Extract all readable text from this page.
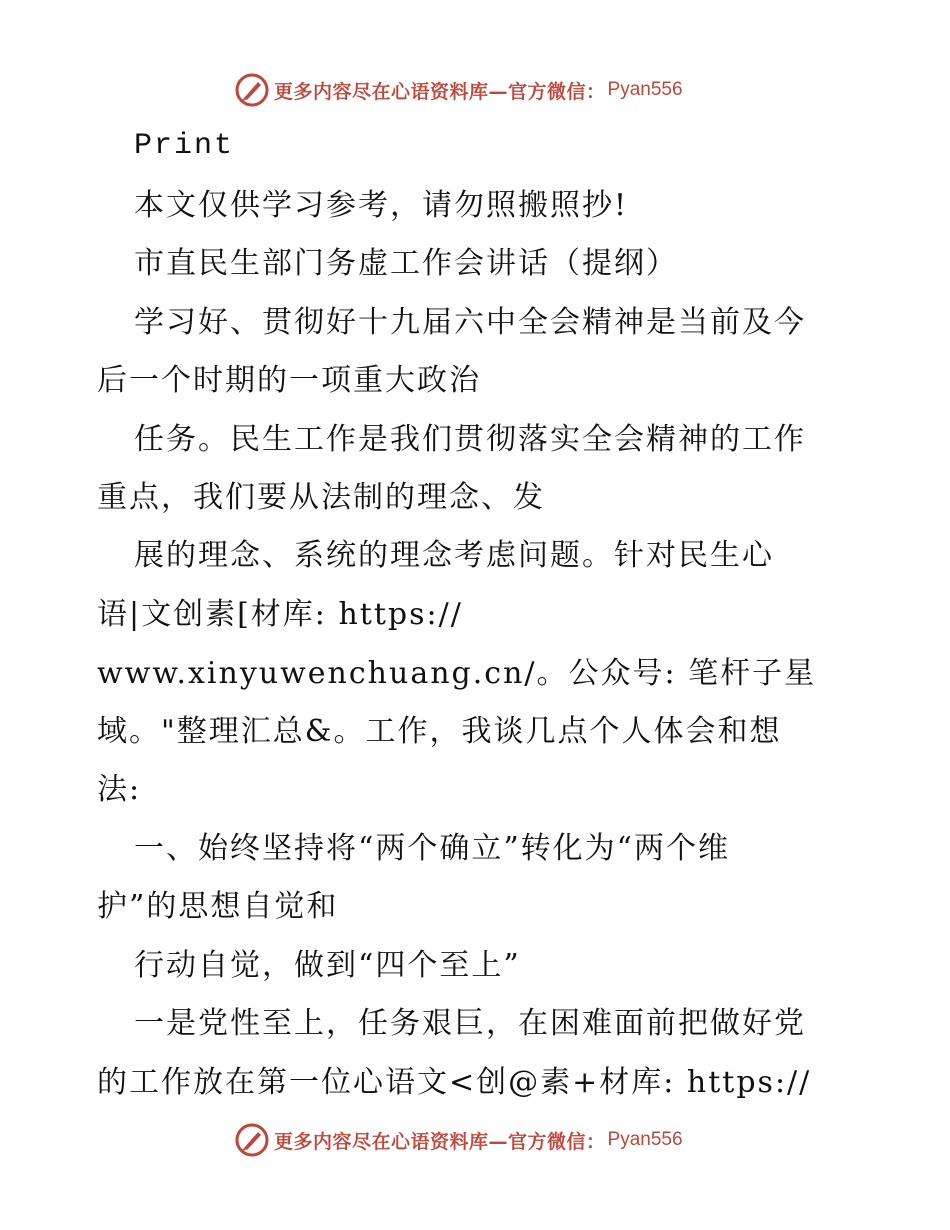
更多内容尽在心语资料库—官方微信： Pyan556
Print
本文仅供学习参考，请勿照搬照抄!
市直民生部门务虚工作会讲话（提纲）
学习好、贯彻好十九届六中全会精神是当前及今
后一个时期的一项重大政治
任务。民生工作是我们贯彻落实全会精神的工作
重点，我们要从法制的理念、发
展的理念、系统的理念考虑问题。针对民生心
语|文创素[材库: https://
www.xinyuwenchuang.cn/。公众号: 笔杆子星
域。"整理汇总&。工作，我谈几点个人体会和想
法:
一、始终坚持将“两个确立”转化为“两个维
护”的思想自觉和
行动自觉，做到“四个至上”
一是党性至上，任务艰巨，在困难面前把做好党
的工作放在第一位心语文<创@素+材库: https://
更多内容尽在心语资料库—官方微信： Pyan556
